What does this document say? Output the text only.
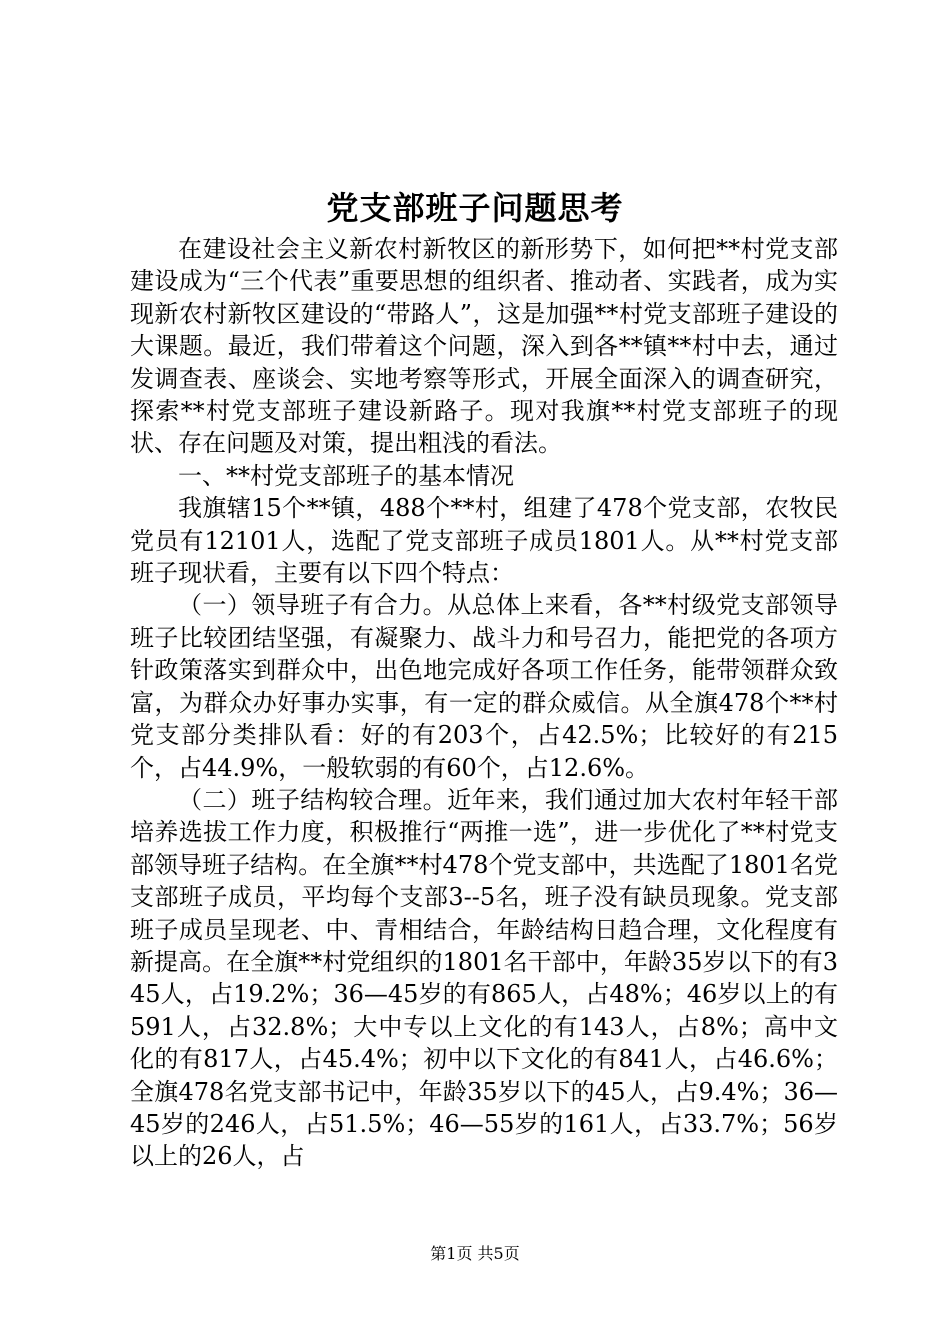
党支部班子问题思考

在建设社会主义新农村新牧区的新形势下，如何把**村党支部建设成为“三个代表”重要思想的组织者、推动者、实践者，成为实现新农村新牧区建设的“带路人”，这是加强**村党支部班子建设的大课题。最近，我们带着这个问题，深入到各**镇**村中去，通过发调查表、座谈会、实地考察等形式，开展全面深入的调查研究，探索**村党支部班子建设新路子。现对我旗**村党支部班子的现状、存在问题及对策，提出粗浅的看法。

一、**村党支部班子的基本情况

我旗辖15个**镇，488个**村，组建了478个党支部，农牧民党员有12101人，选配了党支部班子成员1801人。从**村党支部班子现状看，主要有以下四个特点：

（一）领导班子有合力。从总体上来看，各**村级党支部领导班子比较团结坚强，有凝聚力、战斗力和号召力，能把党的各项方针政策落实到群众中，出色地完成好各项工作任务，能带领群众致富，为群众办好事办实事，有一定的群众威信。从全旗478个**村党支部分类排队看：好的有203个，占42.5%；比较好的有215个，占44.9%，一般软弱的有60个，占12.6%。

（二）班子结构较合理。近年来，我们通过加大农村年轻干部培养选拔工作力度，积极推行“两推一选”，进一步优化了**村党支部领导班子结构。在全旗**村478个党支部中，共选配了1801名党支部班子成员，平均每个支部3--5名，班子没有缺员现象。党支部班子成员呈现老、中、青相结合，年龄结构日趋合理，文化程度有新提高。在全旗**村党组织的1801名干部中，年龄35岁以下的有345人，占19.2%；36—45岁的有865人，占48%；46岁以上的有591人，占32.8%；大中专以上文化的有143人，占8%；高中文化的有817人，占45.4%；初中以下文化的有841人，占46.6%；全旗478名党支部书记中，年龄35岁以下的45人，占9.4%；36—45岁的246人，占51.5%；46—55岁的161人，占33.7%；56岁以上的26人，占

第1页 共5页
